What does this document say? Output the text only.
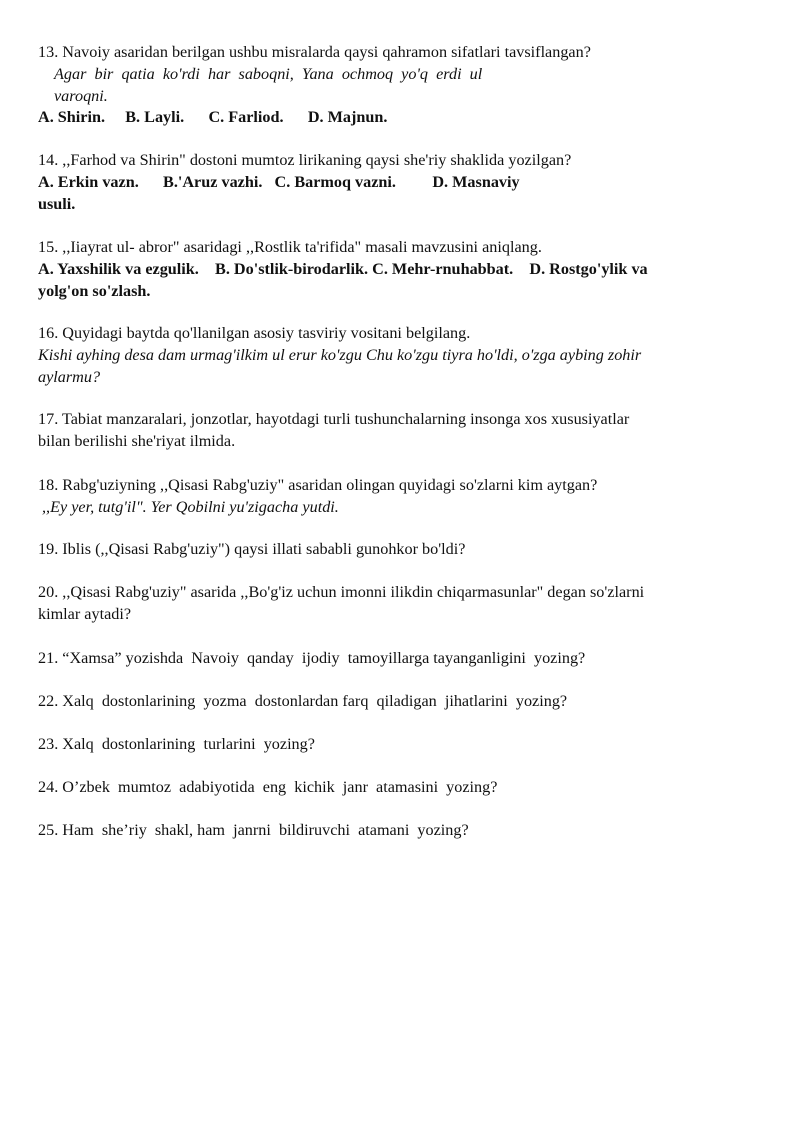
13. Navoiy asaridan berilgan ushbu misralarda qaysi qahramon sifatlari tavsiflangan?
Agar  bir  qatia  ko'rdi  har  saboqni,  Yana  ochmoq  yo'q  erdi  ul
varoqni.
A. Shirin.     B. Layli.      C. Farliod.      D. Majnun.
14. ,,Farhod va Shirin" dostoni mumtoz lirikaning qaysi she'riy shaklida yozilgan?
A. Erkin vazn.      B.'Aruz vazhi.   C. Barmoq vazni.         D. Masnaviy
usuli.
15. ,,Iiayrat ul- abror" asaridagi ,,Rostlik ta'rifida" masali mavzusini aniqlang.
A. Yaxshilik va ezgulik.    B. Do'stlik-birodarlik. C. Mehr-rnuhabbat.    D. Rostgo'ylik va
yolg'on so'zlash.
16. Quyidagi baytda qo'llanilgan asosiy tasviriy vositani belgilang.
Kishi ayhing desa dam urmag'ilkim ul erur ko'zgu Chu ko'zgu tiyra ho'ldi, o'zga aybing zohir
aylarmu?
17. Tabiat manzaralari, jonzotlar, hayotdagi turli tushunchalarning insonga xos xususiyatlar
bilan berilishi she'riyat ilmida.
18. Rabg'uziyning ,,Qisasi Rabg'uziy" asaridan olingan quyidagi so'zlarni kim aytgan?
,,Ey yer, tutg'il". Yer Qobilni yu'zigacha yutdi.
19. Iblis (,,Qisasi Rabg'uziy") qaysi illati sababli gunohkor bo'ldi?
20. ,,Qisasi Rabg'uziy" asarida ,,Bo'g'iz uchun imonni ilikdin chiqarmasunlar" degan so'zlarni
kimlar aytadi?
21. “Xamsa” yozishda  Navoiy  qanday  ijodiy  tamoyillarga tayanganligini  yozing?
22. Xalq  dostonlarining  yozma  dostonlardan farq  qiladigan  jihatlarini  yozing?
23. Xalq  dostonlarining  turlarini  yozing?
24. O’zbek  mumtoz  adabiyotida  eng  kichik  janr  atamasini  yozing?
25. Ham  she’riy  shakl, ham  janrni  bildiruvchi  atamani  yozing?
